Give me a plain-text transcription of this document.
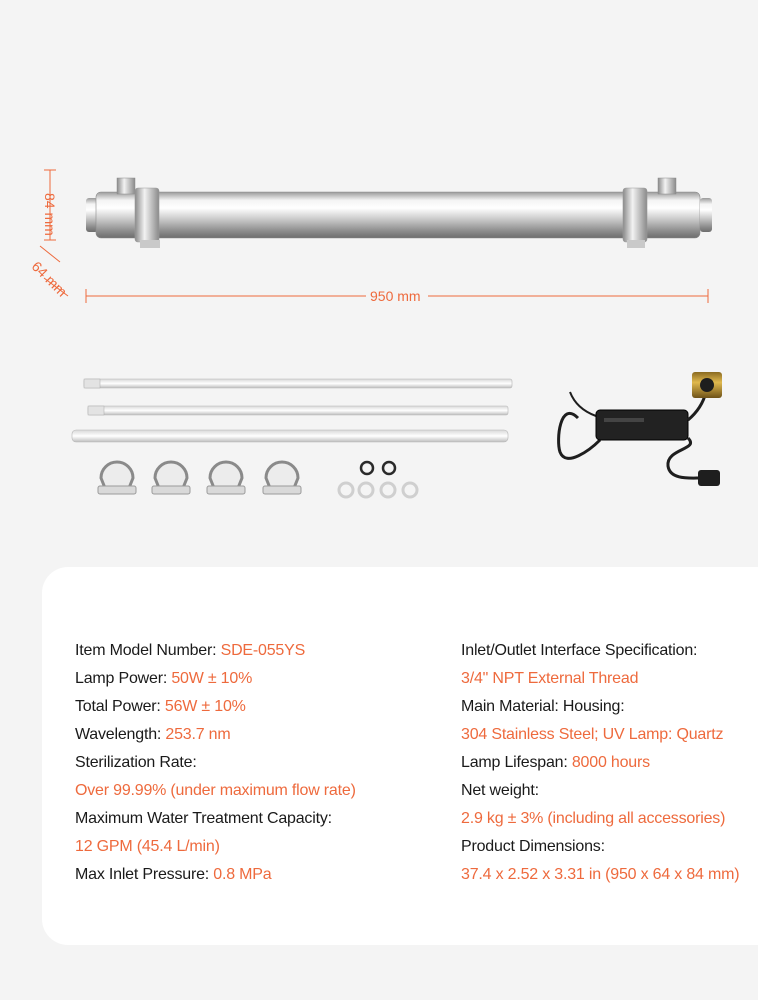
84 mm
64 mm	950 mm
Item Model Number: SDE-055YS
Lamp Power: 50W ± 10%
Total Power: 56W ± 10%
Wavelength: 253.7 nm
Sterilization Rate:
Over 99.99% (under maximum flow rate)
Maximum Water Treatment Capacity:
12 GPM (45.4 L/min)
Max Inlet Pressure: 0.8 MPa
Inlet/Outlet Interface Specification:
3/4" NPT External Thread
Main Material: Housing:
304 Stainless Steel; UV Lamp: Quartz
Lamp Lifespan: 8000 hours
Net weight:
2.9 kg ± 3% (including all accessories)
Product Dimensions:
37.4 x 2.52 x 3.31 in (950 x 64 x 84 mm)
